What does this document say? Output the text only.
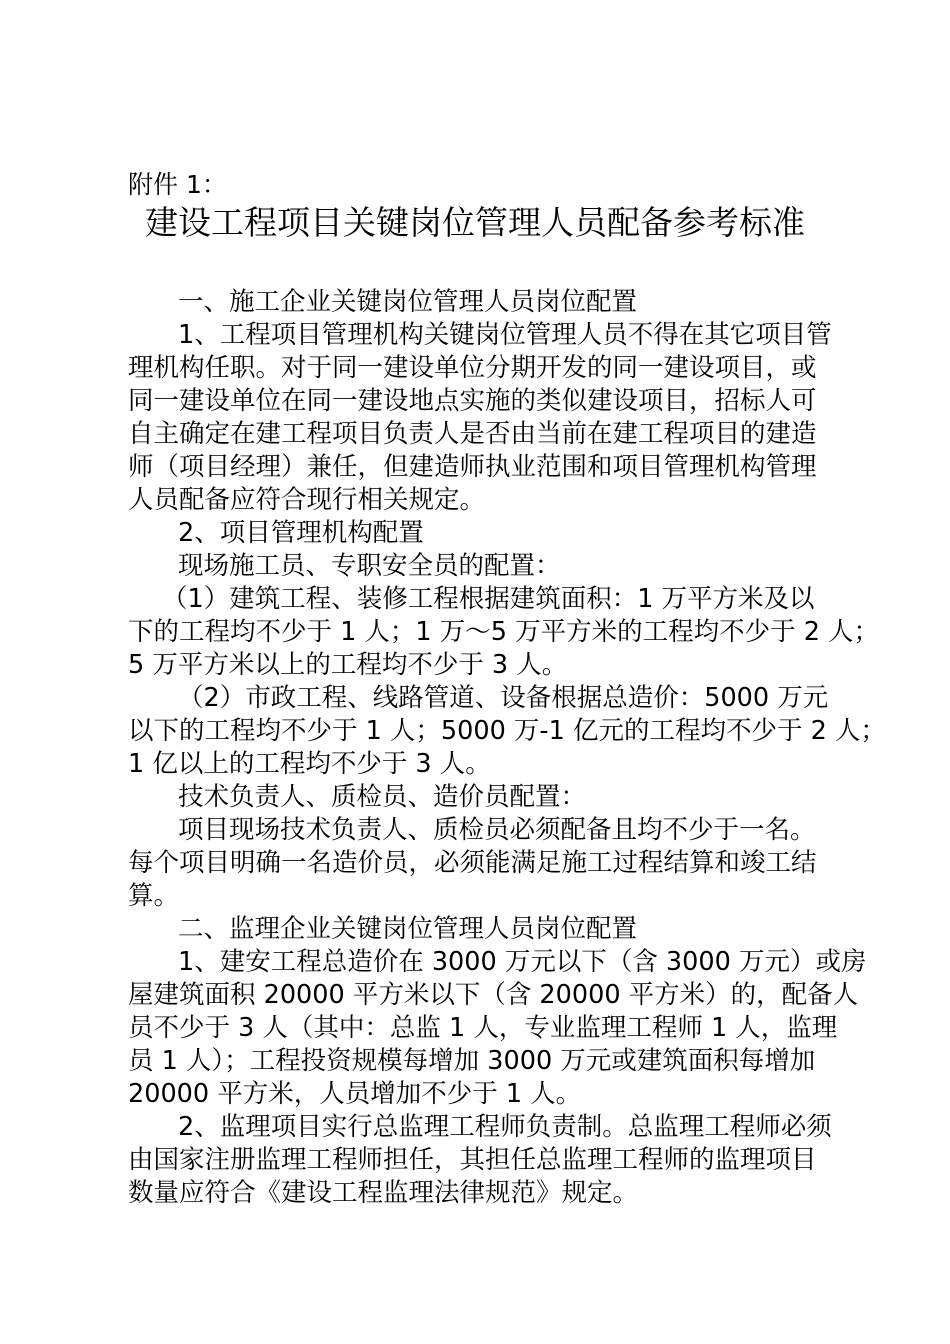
附件 1：
建设工程项目关键岗位管理人员配备参考标准
一、施工企业关键岗位管理人员岗位配置
1、工程项目管理机构关键岗位管理人员不得在其它项目管
理机构任职。对于同一建设单位分期开发的同一建设项目，或
同一建设单位在同一建设地点实施的类似建设项目，招标人可
自主确定在建工程项目负责人是否由当前在建工程项目的建造
师（项目经理）兼任，但建造师执业范围和项目管理机构管理
人员配备应符合现行相关规定。
2、项目管理机构配置
现场施工员、专职安全员的配置：
（1）建筑工程、装修工程根据建筑面积：1 万平方米及以
下的工程均不少于 1 人；1 万～5 万平方米的工程均不少于 2 人；
5 万平方米以上的工程均不少于 3 人。
（2）市政工程、线路管道、设备根据总造价：5000 万元
以下的工程均不少于 1 人；5000 万-1 亿元的工程均不少于 2 人；
1 亿以上的工程均不少于 3 人。
技术负责人、质检员、造价员配置：
项目现场技术负责人、质检员必须配备且均不少于一名。
每个项目明确一名造价员，必须能满足施工过程结算和竣工结
算。
二、监理企业关键岗位管理人员岗位配置
1、建安工程总造价在 3000 万元以下（含 3000 万元）或房
屋建筑面积 20000 平方米以下（含 20000 平方米）的，配备人
员不少于 3 人（其中：总监 1 人，专业监理工程师 1 人，监理
员 1 人）；工程投资规模每增加 3000 万元或建筑面积每增加
20000 平方米，人员增加不少于 1 人。
2、监理项目实行总监理工程师负责制。总监理工程师必须
由国家注册监理工程师担任，其担任总监理工程师的监理项目
数量应符合《建设工程监理法律规范》规定。
